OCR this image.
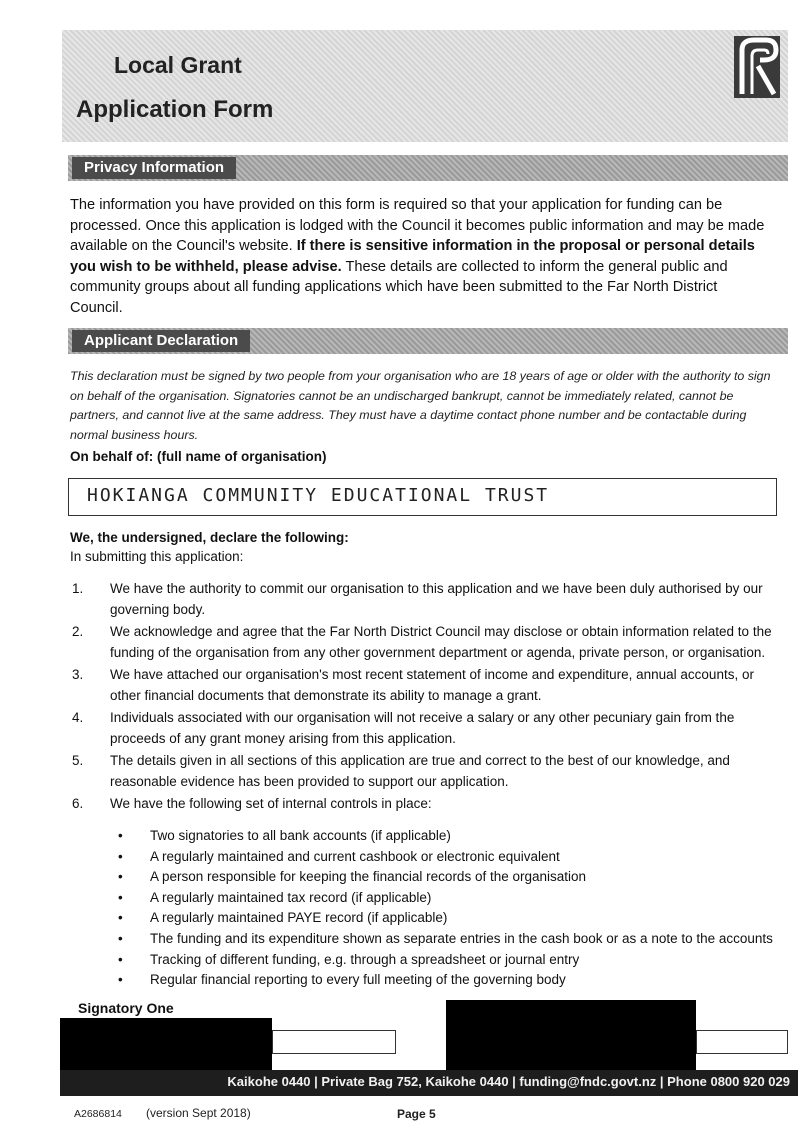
Local Grant
Application Form
Privacy Information
The information you have provided on this form is required so that your application for funding can be processed. Once this application is lodged with the Council it becomes public information and may be made available on the Council's website. If there is sensitive information in the proposal or personal details you wish to be withheld, please advise. These details are collected to inform the general public and community groups about all funding applications which have been submitted to the Far North District Council.
Applicant Declaration
This declaration must be signed by two people from your organisation who are 18 years of age or older with the authority to sign on behalf of the organisation. Signatories cannot be an undischarged bankrupt, cannot be immediately related, cannot be partners, and cannot live at the same address. They must have a daytime contact phone number and be contactable during normal business hours.
On behalf of: (full name of organisation)
HOKIANGA COMMUNITY EDUCATIONAL TRUST
We, the undersigned, declare the following:
In submitting this application:
1. We have the authority to commit our organisation to this application and we have been duly authorised by our governing body.
2. We acknowledge and agree that the Far North District Council may disclose or obtain information related to the funding of the organisation from any other government department or agenda, private person, or organisation.
3. We have attached our organisation's most recent statement of income and expenditure, annual accounts, or other financial documents that demonstrate its ability to manage a grant.
4. Individuals associated with our organisation will not receive a salary or any other pecuniary gain from the proceeds of any grant money arising from this application.
5. The details given in all sections of this application are true and correct to the best of our knowledge, and reasonable evidence has been provided to support our application.
6. We have the following set of internal controls in place:
• Two signatories to all bank accounts (if applicable)
• A regularly maintained and current cashbook or electronic equivalent
• A person responsible for keeping the financial records of the organisation
• A regularly maintained tax record (if applicable)
• A regularly maintained PAYE record (if applicable)
• The funding and its expenditure shown as separate entries in the cash book or as a note to the accounts
• Tracking of different funding, e.g. through a spreadsheet or journal entry
• Regular financial reporting to every full meeting of the governing body
Signatory One
Kaikohe 0440 | Private Bag 752, Kaikohe 0440 | funding@fndc.govt.nz | Phone 0800 920 029
A2686814 (version Sept 2018)	Page 5
